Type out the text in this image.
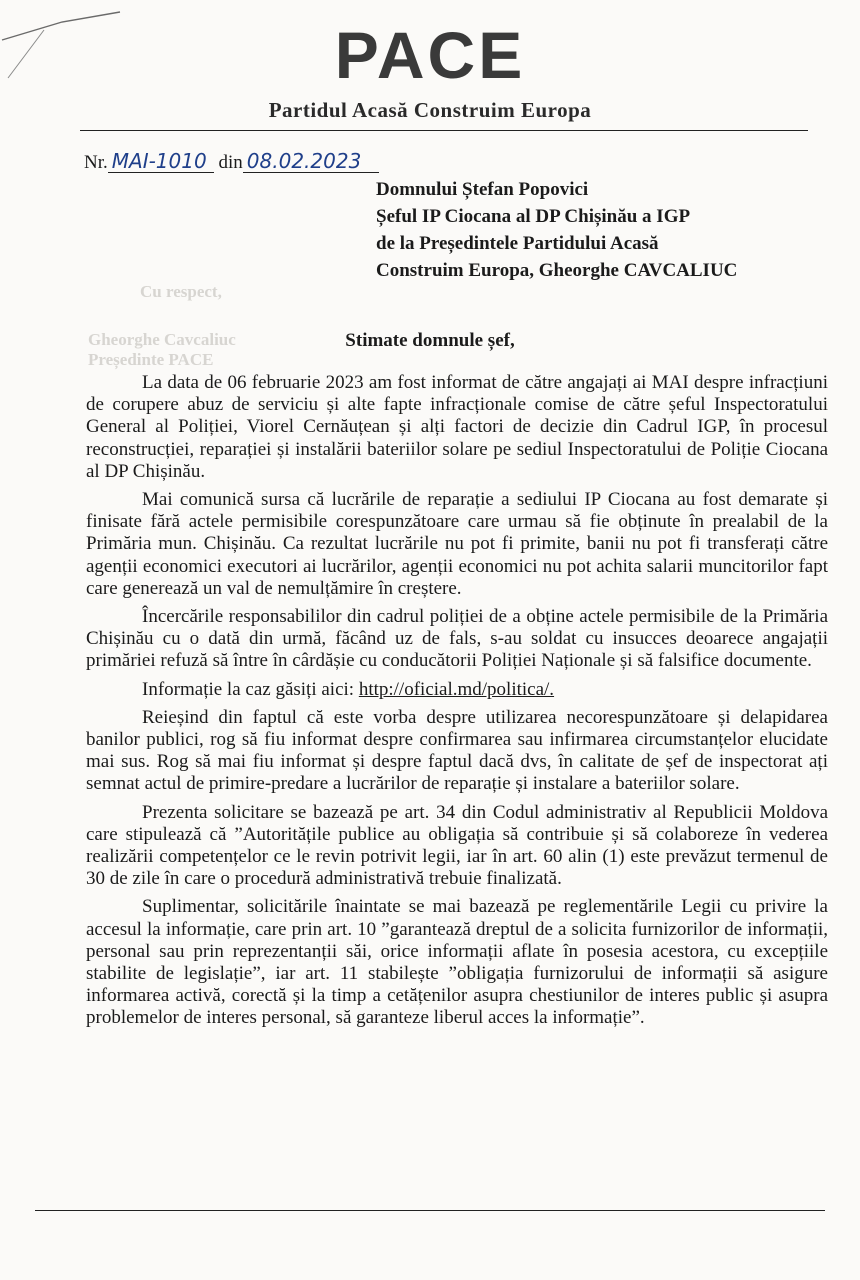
Cu respect,
Gheorghe Cavcaliuc
Președinte PACE
PACE
Partidul Acasă Construim Europa
Nr. MAI-1010 din 08.02.2023
Domnului Ștefan Popovici
Șeful IP Ciocana al DP Chișinău a IGP
de la Președintele Partidului Acasă
Construim Europa, Gheorghe CAVCALIUC
Stimate domnule șef,

La data de 06 februarie 2023 am fost informat de către angajați ai MAI despre infracțiuni de corupere abuz de serviciu și alte fapte infracționale comise de către șeful Inspectoratului General al Poliției, Viorel Cernăuțean și alți factori de decizie din Cadrul IGP, în procesul reconstrucției, reparației și instalării bateriilor solare pe sediul Inspectoratului de Poliție Ciocana al DP Chișinău.

Mai comunică sursa că lucrările de reparație a sediului IP Ciocana au fost demarate și finisate fără actele permisibile corespunzătoare care urmau să fie obținute în prealabil de la Primăria mun. Chișinău. Ca rezultat lucrările nu pot fi primite, banii nu pot fi transferați către agenții economici executori ai lucrărilor, agenții economici nu pot achita salarii muncitorilor fapt care generează un val de nemulțămire în creștere.

Încercările responsabililor din cadrul poliției de a obține actele permisibile de la Primăria Chișinău cu o dată din urmă, făcând uz de fals, s-au soldat cu insucces deoarece angajații primăriei refuză să între în cârdășie cu conducătorii Poliției Naționale și să falsifice documente.

Informație la caz găsiți aici: http://oficial.md/politica/.

Reieșind din faptul că este vorba despre utilizarea necorespunzătoare și delapidarea banilor publici, rog să fiu informat despre confirmarea sau infirmarea circumstanțelor elucidate mai sus. Rog să mai fiu informat și despre faptul dacă dvs, în calitate de șef de inspectorat ați semnat actul de primire-predare a lucrărilor de reparație și instalare a bateriilor solare.

Prezenta solicitare se bazează pe art. 34 din Codul administrativ al Republicii Moldova care stipulează că ”Autoritățile publice au obligația să contribuie și să colaboreze în vederea realizării competențelor ce le revin potrivit legii, iar în art. 60 alin (1) este prevăzut termenul de 30 de zile în care o procedură administrativă trebuie finalizată.

Suplimentar, solicitările înaintate se mai bazează pe reglementările Legii cu privire la accesul la informație, care prin art. 10 ”garantează dreptul de a solicita furnizorilor de informații, personal sau prin reprezentanții săi, orice informații aflate în posesia acestora, cu excepțiile stabilite de legislație”, iar art. 11 stabilește ”obligația furnizorului de informații să asigure informarea activă, corectă și la timp a cetățenilor asupra chestiunilor de interes public și asupra problemelor de interes personal, să garanteze liberul acces la informație”.
